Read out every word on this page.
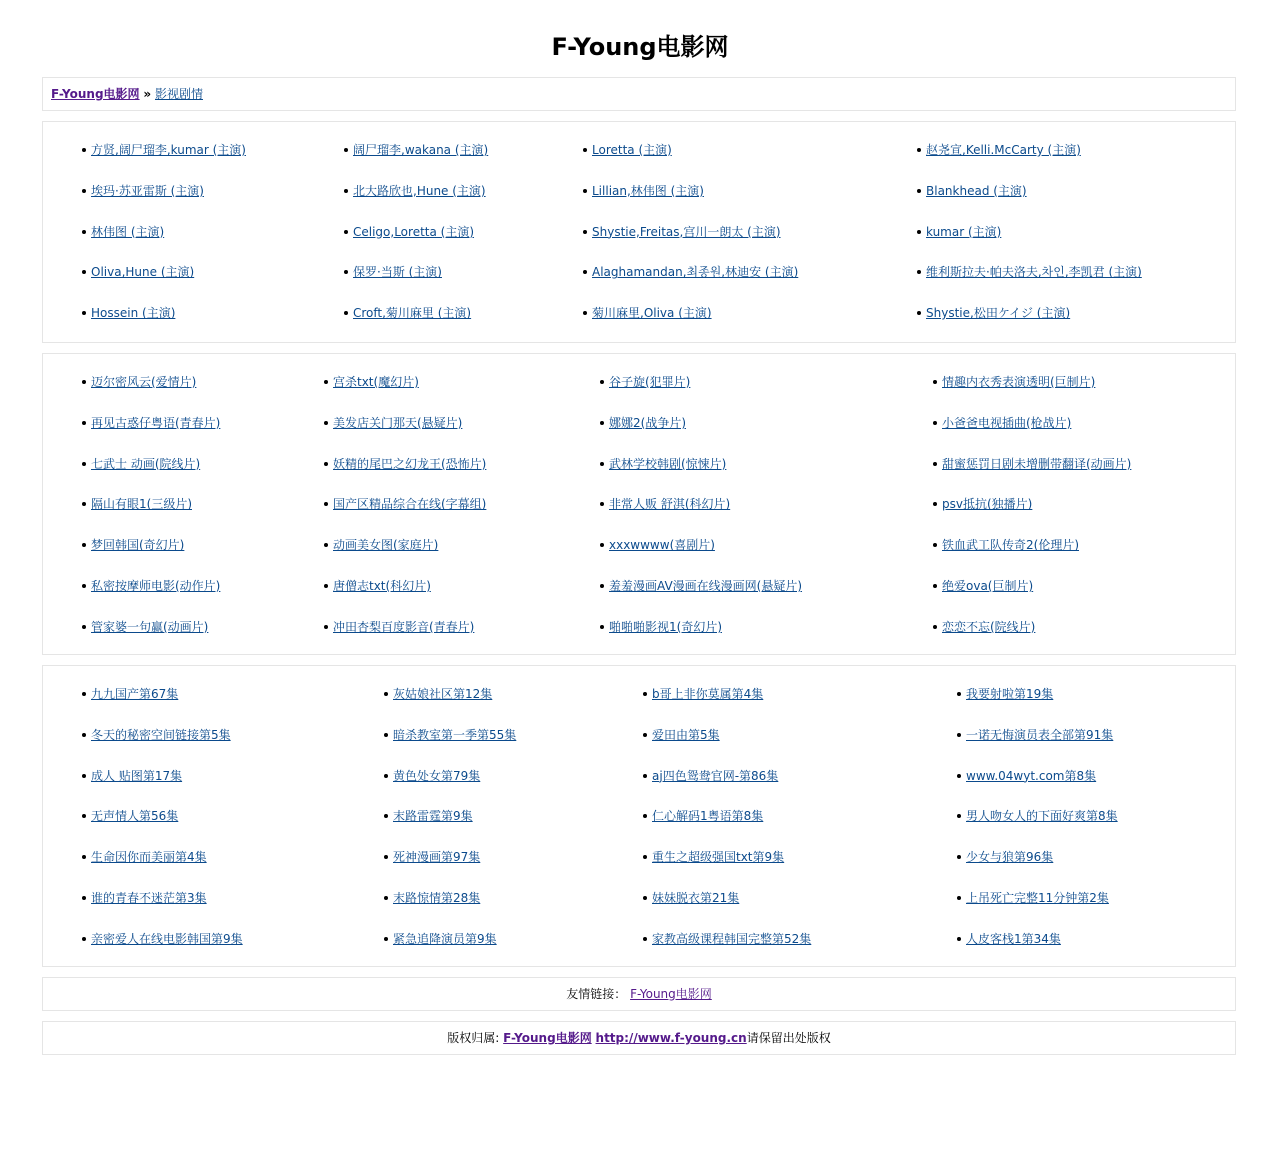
F-Young电影网
F-Young电影网 » 影视剧情
方贤,阔尸瑠李,kumar (主演)	阔尸瑠李,wakana (主演)	Loretta (主演)	赵尧宣,Kelli.McCarty (主演)
埃玛·苏亚雷斯 (主演)	北大路欣也,Hune (主演)	Lillian,林伟图 (主演)	Blankhead (主演)
林伟图 (主演)	Celigo,Loretta (主演)	Shystie,Freitas,宫川一朗太 (主演)	kumar (主演)
Oliva,Hune (主演)	保罗·当斯 (主演)	Alaghamandan,최종원,林迪安 (主演)	维利斯拉夫·帕夫洛夫,차인,李凯君 (主演)
Hossein (主演)	Croft,菊川麻里 (主演)	菊川麻里,Oliva (主演)	Shystie,松田ケイジ (主演)
迈尔密风云(爱情片)	宫杀txt(魔幻片)	谷子旋(犯罪片)	情趣内衣秀表演透明(巨制片)
再见古惑仔粤语(青春片)	美发店关门那天(悬疑片)	娜娜2(战争片)	小爸爸电视插曲(枪战片)
七武士 动画(院线片)	妖精的尾巴之幻龙王(恐怖片)	武林学校韩剧(惊悚片)	甜蜜惩罚日剧未增删带翻译(动画片)
隔山有眼1(三级片)	国产区精品综合在线(字幕组)	非常人贩 舒淇(科幻片)	psv抵抗(独播片)
梦回韩国(奇幻片)	动画美女图(家庭片)	xxxwwww(喜剧片)	铁血武工队传奇2(伦理片)
私密按摩师电影(动作片)	唐僧志txt(科幻片)	羞羞漫画AV漫画在线漫画网(悬疑片)	绝爱ova(巨制片)
管家婆一句赢(动画片)	冲田杏梨百度影音(青春片)	啪啪啪影视1(奇幻片)	恋恋不忘(院线片)
九九国产第67集	灰姑娘社区第12集	b哥上非你莫属第4集	我要射啦第19集
冬天的秘密空间链接第5集	暗杀教室第一季第55集	爱田由第5集	一诺无悔演员表全部第91集
成人 贴图第17集	黄色处女第79集	aj四色鸳鸯官网-第86集	www.04wyt.com第8集
无声情人第56集	末路雷霆第9集	仁心解码1粤语第8集	男人吻女人的下面好爽第8集
生命因你而美丽第4集	死神漫画第97集	重生之超级强国txt第9集	少女与狼第96集
谁的青春不迷茫第3集	末路惊情第28集	妹妹脱衣第21集	上吊死亡完整11分钟第2集
亲密爱人在线电影韩国第9集	紧急追降演员第9集	家教高级课程韩国完整第52集	人皮客栈1第34集
友情链接： F-Young电影网
版权归属: F-Young电影网 http://www.f-young.cn请保留出处版权
